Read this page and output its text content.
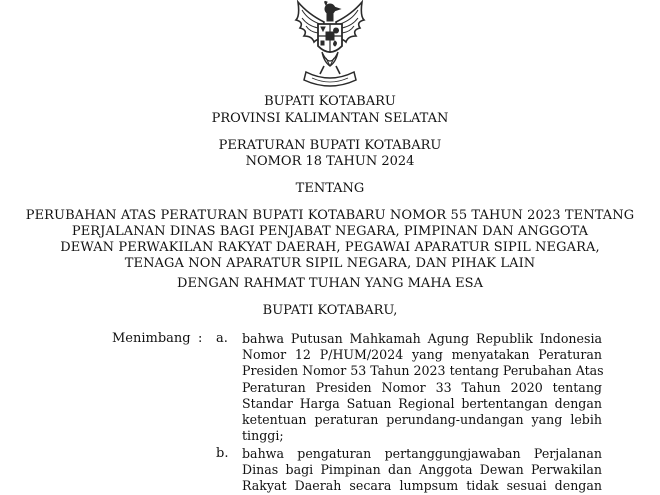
BUPATI KOTABARU
PROVINSI KALIMANTAN SELATAN
PERATURAN BUPATI KOTABARU
NOMOR 18 TAHUN 2024
TENTANG
PERUBAHAN ATAS PERATURAN BUPATI KOTABARU NOMOR 55 TAHUN 2023 TENTANG
PERJALANAN DINAS BAGI PENJABAT NEGARA, PIMPINAN DAN ANGGOTA
DEWAN PERWAKILAN RAKYAT DAERAH, PEGAWAI APARATUR SIPIL NEGARA,
TENAGA NON APARATUR SIPIL NEGARA, DAN PIHAK LAIN
DENGAN RAHMAT TUHAN YANG MAHA ESA
BUPATI KOTABARU,
Menimbang : a. bahwa Putusan Mahkamah Agung Republik Indonesia
Nomor 12 P/HUM/2024 yang menyatakan Peraturan
Presiden Nomor 53 Tahun 2023 tentang Perubahan Atas
Peraturan Presiden Nomor 33 Tahun 2020 tentang
Standar Harga Satuan Regional bertentangan dengan
ketentuan peraturan perundang-undangan yang lebih
tinggi;
b. bahwa pengaturan pertanggungjawaban Perjalanan
Dinas bagi Pimpinan dan Anggota Dewan Perwakilan
Rakyat Daerah secara lumpsum tidak sesuai dengan
